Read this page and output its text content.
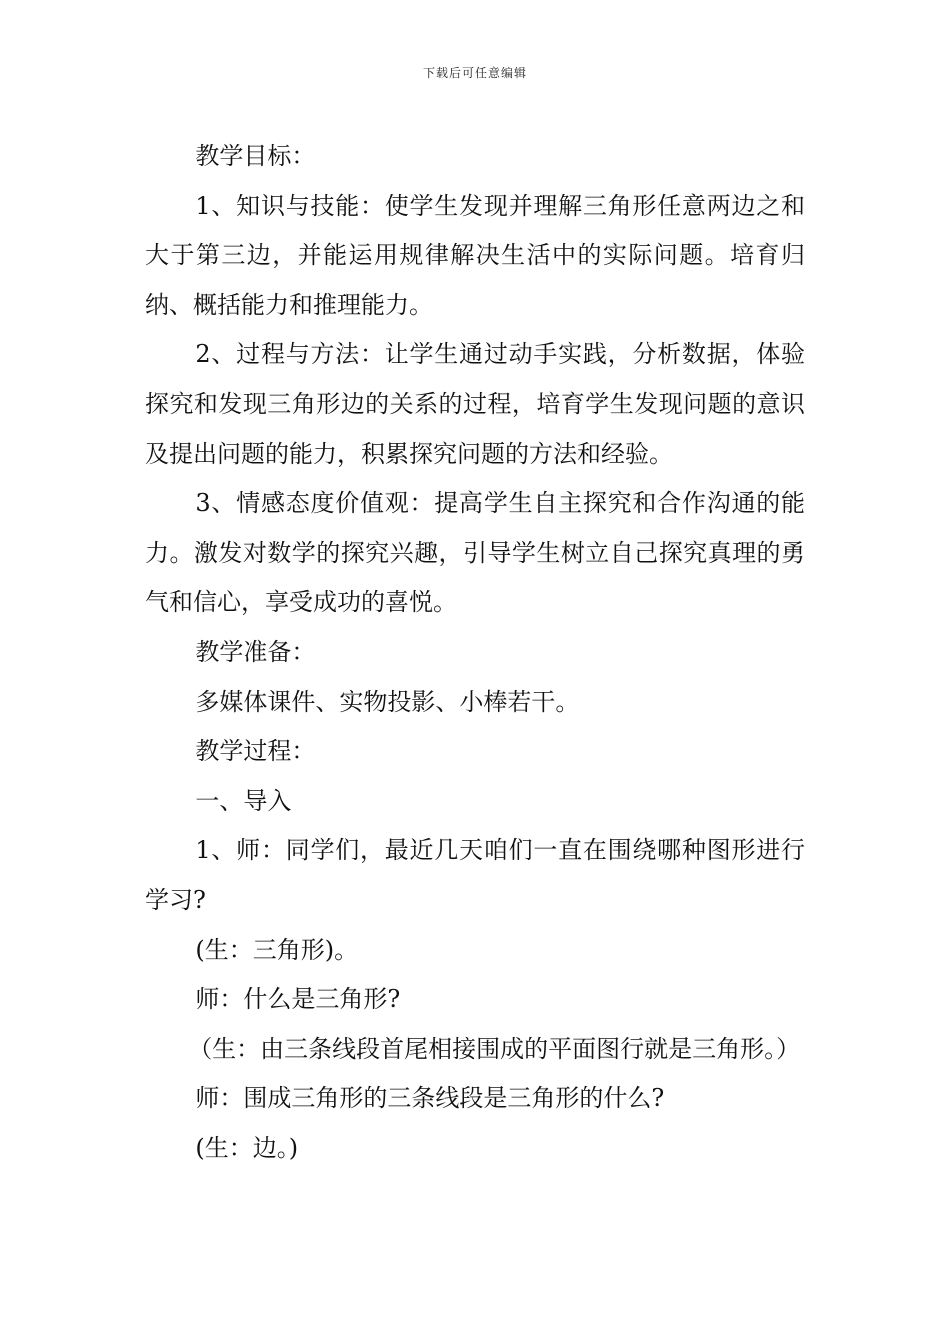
下载后可任意编辑

教学目标：

1、知识与技能：使学生发现并理解三角形任意两边之和大于第三边，并能运用规律解决生活中的实际问题。培育归纳、概括能力和推理能力。

2、过程与方法：让学生通过动手实践，分析数据，体验探究和发现三角形边的关系的过程，培育学生发现问题的意识及提出问题的能力，积累探究问题的方法和经验。

3、情感态度价值观：提高学生自主探究和合作沟通的能力。激发对数学的探究兴趣，引导学生树立自己探究真理的勇气和信心，享受成功的喜悦。

教学准备：

多媒体课件、实物投影、小棒若干。

教学过程：

一、导入

1、师：同学们，最近几天咱们一直在围绕哪种图形进行学习?

(生：三角形)。

师：什么是三角形?

（生：由三条线段首尾相接围成的平面图行就是三角形。）

师：围成三角形的三条线段是三角形的什么?

(生：边。)
